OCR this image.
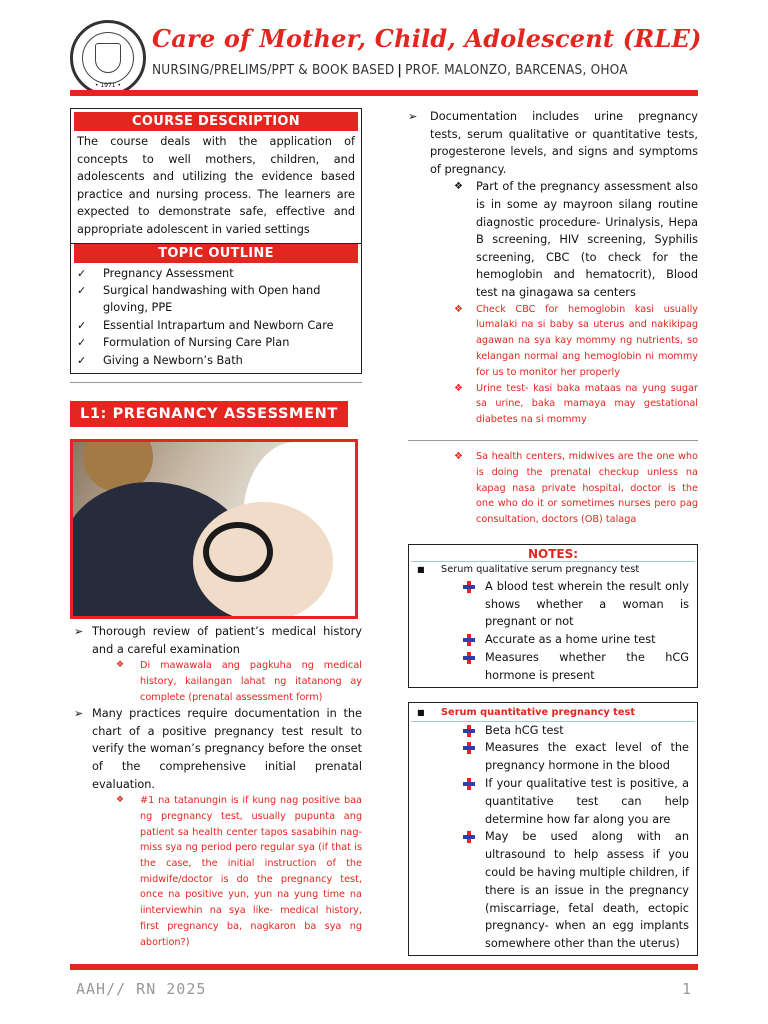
• 1971 •
Care of Mother, Child, Adolescent (RLE)
NURSING/PRELIMS/PPT & BOOK BASED | PROF. MALONZO, BARCENAS, OHOA
COURSE DESCRIPTION
The course deals with the application of concepts to well mothers, children, and adolescents and utilizing the evidence based practice and nursing process. The learners are expected to demonstrate safe, effective and appropriate adolescent in varied settings
TOPIC OUTLINE
✓ Pregnancy Assessment
✓ Surgical handwashing with Open hand gloving, PPE
✓ Essential Intrapartum and Newborn Care
✓ Formulation of Nursing Care Plan
✓ Giving a Newborn’s Bath
L1: PREGNANCY ASSESSMENT
➢ Thorough review of patient’s medical history and a careful examination
❖ Di mawawala ang pagkuha ng medical history, kailangan lahat ng itatanong ay complete (prenatal assessment form)
➢ Many practices require documentation in the chart of a positive pregnancy test result to verify the woman’s pregnancy before the onset of the comprehensive initial prenatal evaluation.
❖ #1 na tatanungin is if kung nag positive baa ng pregnancy test, usually pupunta ang patient sa health center tapos sasabihin nag-miss sya ng period pero regular sya (if that is the case, the initial instruction of the midwife/doctor is do the pregnancy test, once na positive yun, yun na yung time na iinterviewhin na sya like- medical history, first pregnancy ba, nagkaron ba sya ng abortion?)
➢ Documentation includes urine pregnancy tests, serum qualitative or quantitative tests, progesterone levels, and signs and symptoms of pregnancy.
❖ Part of the pregnancy assessment also is in some ay mayroon silang routine diagnostic procedure- Urinalysis, Hepa B screening, HIV screening, Syphilis screening, CBC (to check for the hemoglobin and hematocrit), Blood test na ginagawa sa centers
❖ Check CBC for hemoglobin kasi usually lumalaki na si baby sa uterus and nakikipag agawan na sya kay mommy ng nutrients, so kelangan normal ang hemoglobin ni mommy for us to monitor her properly
❖ Urine test- kasi baka mataas na yung sugar sa urine, baka mamaya may gestational diabetes na si mommy
❖ Sa health centers, midwives are the one who is doing the prenatal checkup unless na kapag nasa private hospital, doctor is the one who do it or sometimes nurses pero pag consultation, doctors (OB) talaga
NOTES:
■ Serum qualitative serum pregnancy test
A blood test wherein the result only shows whether a woman is pregnant or not
Accurate as a home urine test
Measures whether the hCG hormone is present
■ Serum quantitative pregnancy test
Beta hCG test
Measures the exact level of the pregnancy hormone in the blood
If your qualitative test is positive, a quantitative test can help determine how far along you are
May be used along with an ultrasound to help assess if you could be having multiple children, if there is an issue in the pregnancy (miscarriage, fetal death, ectopic pregnancy- when an egg implants somewhere other than the uterus)
AAH// RN 2025	1
